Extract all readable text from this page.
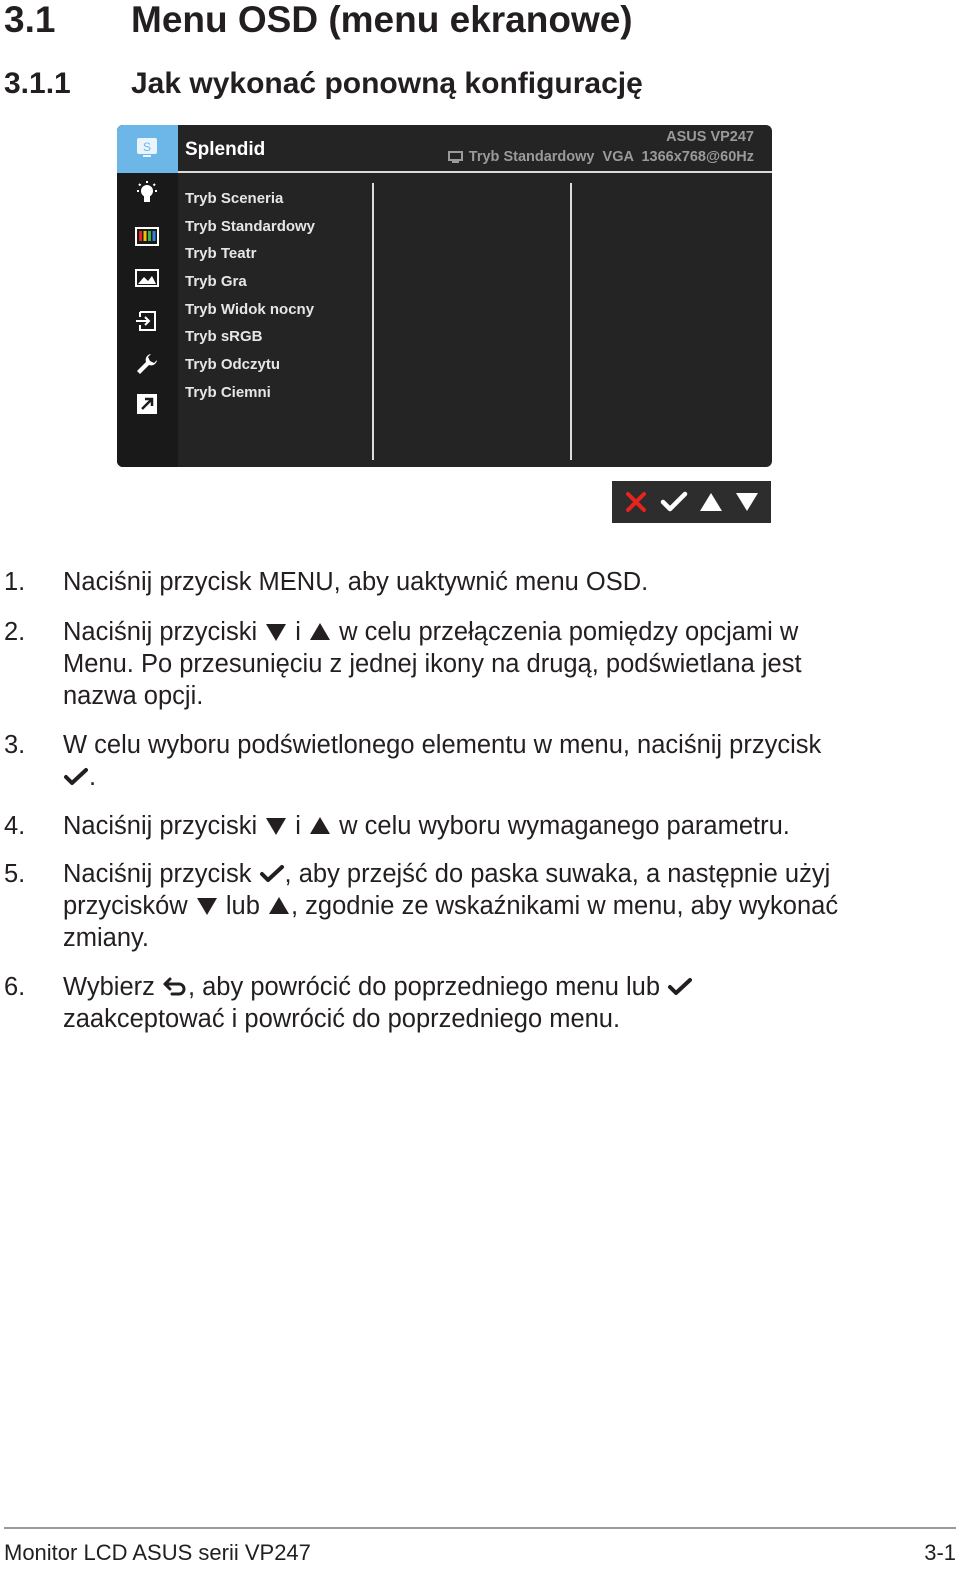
3.1 Menu OSD (menu ekranowe)
3.1.1 Jak wykonać ponowną konfigurację
S Splendid
ASUS VP247
Tryb Standardowy  VGA  1366x768@60Hz
Tryb Sceneria
Tryb Standardowy
Tryb Teatr
Tryb Gra
Tryb Widok nocny
Tryb sRGB
Tryb Odczytu
Tryb Ciemni
1. Naciśnij przycisk MENU, aby uaktywnić menu OSD.
2. Naciśnij przyciski  i  w celu przełączenia pomiędzy opcjami w
Menu. Po przesunięciu z jednej ikony na drugą, podświetlana jest
nazwa opcji.
3. W celu wyboru podświetlonego elementu w menu, naciśnij przycisk
.
4. Naciśnij przyciski  i  w celu wyboru wymaganego parametru.
5. Naciśnij przycisk , aby przejść do paska suwaka, a następnie użyj
przycisków  lub , zgodnie ze wskaźnikami w menu, aby wykonać
zmiany.
6. Wybierz , aby powrócić do poprzedniego menu lub
zaakceptować i powrócić do poprzedniego menu.
Monitor LCD ASUS serii VP247	3-1
